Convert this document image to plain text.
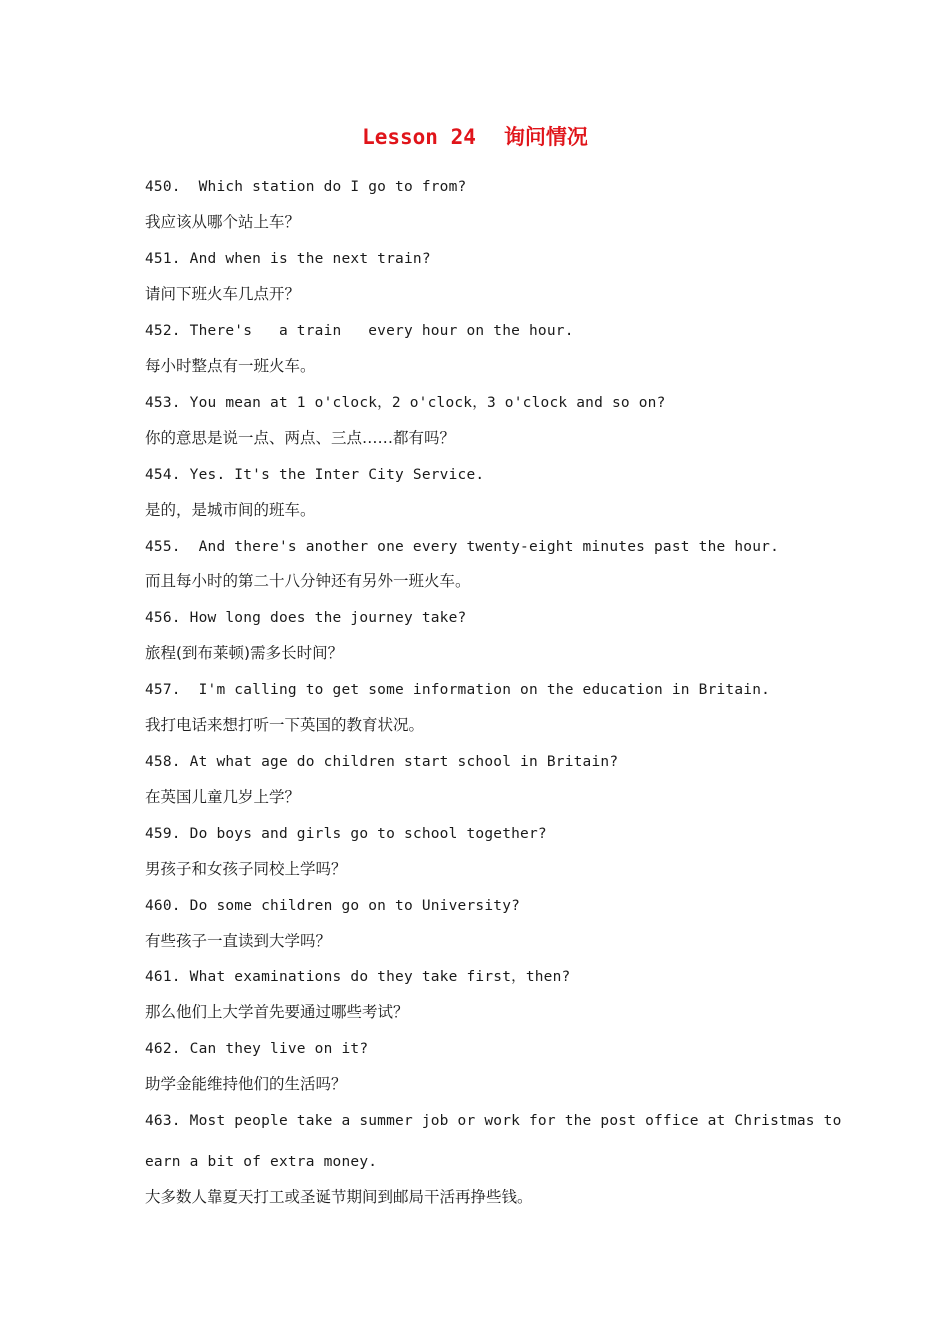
Lesson 24 询问情况
450.  Which station do I go to from?
我应该从哪个站上车？
451. And when is the next train?
请问下班火车几点开？
452. There's   a train   every hour on the hour.
每小时整点有一班火车。
453. You mean at 1 o'clock，2 o'clock，3 o'clock and so on?
你的意思是说一点、两点、三点……都有吗？
454. Yes. It's the Inter City Service.
是的，是城市间的班车。
455.  And there's another one every twenty-eight minutes past the hour.
而且每小时的第二十八分钟还有另外一班火车。
456. How long does the journey take?
旅程(到布莱顿)需多长时间？
457.  I'm calling to get some information on the education in Britain.
我打电话来想打听一下英国的教育状况。
458. At what age do children start school in Britain?
在英国儿童几岁上学？
459. Do boys and girls go to school together?
男孩子和女孩子同校上学吗？
460. Do some children go on to University?
有些孩子一直读到大学吗？
461. What examinations do they take first，then?
那么他们上大学首先要通过哪些考试？
462. Can they live on it?
助学金能维持他们的生活吗？
463. Most people take a summer job or work for the post office at Christmas to
earn a bit of extra money.
大多数人靠夏天打工或圣诞节期间到邮局干活再挣些钱。
